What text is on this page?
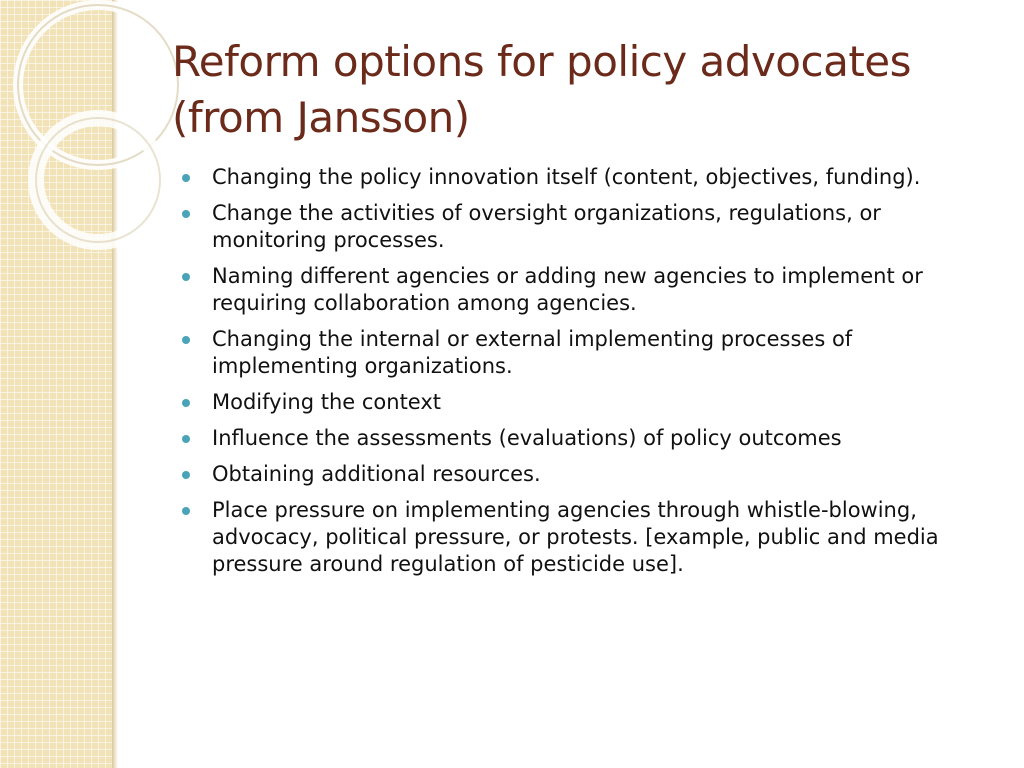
Reform options for policy advocates (from Jansson)
Changing the policy innovation itself (content, objectives, funding).
Change the activities of oversight organizations, regulations, or monitoring processes.
Naming different agencies or adding new agencies to implement or requiring collaboration among agencies.
Changing the internal or external implementing processes of implementing organizations.
Modifying the context
Influence the assessments (evaluations) of policy outcomes
Obtaining additional resources.
Place pressure on implementing agencies through whistle-blowing, advocacy, political pressure, or protests. [example, public and media pressure around regulation of pesticide use].
